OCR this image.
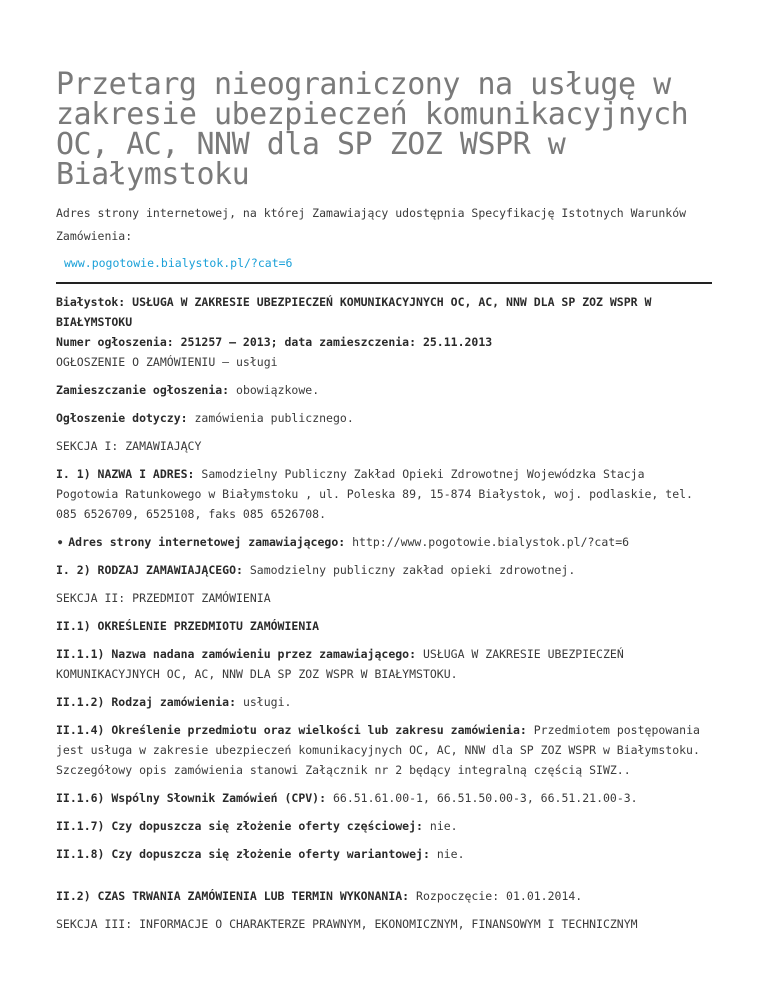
Przetarg nieograniczony na usługę w zakresie ubezpieczeń komunikacyjnych OC, AC, NNW dla SP ZOZ WSPR w Białymstoku

Adres strony internetowej, na której Zamawiający udostępnia Specyfikację Istotnych Warunków Zamówienia:

www.pogotowie.bialystok.pl/?cat=6

Białystok: USŁUGA W ZAKRESIE UBEZPIECZEŃ KOMUNIKACYJNYCH OC, AC, NNW DLA SP ZOZ WSPR W BIAŁYMSTOKU

Numer ogłoszenia: 251257 – 2013; data zamieszczenia: 25.11.2013

OGŁOSZENIE O ZAMÓWIENIU – usługi

Zamieszczanie ogłoszenia: obowiązkowe.

Ogłoszenie dotyczy: zamówienia publicznego.

SEKCJA I: ZAMAWIAJĄCY

I. 1) NAZWA I ADRES: Samodzielny Publiczny Zakład Opieki Zdrowotnej Wojewódzka Stacja Pogotowia Ratunkowego w Białymstoku , ul. Poleska 89, 15-874 Białystok, woj. podlaskie, tel. 085 6526709, 6525108, faks 085 6526708.

● Adres strony internetowej zamawiającego: http://www.pogotowie.bialystok.pl/?cat=6

I. 2) RODZAJ ZAMAWIAJĄCEGO: Samodzielny publiczny zakład opieki zdrowotnej.

SEKCJA II: PRZEDMIOT ZAMÓWIENIA

II.1) OKREŚLENIE PRZEDMIOTU ZAMÓWIENIA

II.1.1) Nazwa nadana zamówieniu przez zamawiającego: USŁUGA W ZAKRESIE UBEZPIECZEŃ KOMUNIKACYJNYCH OC, AC, NNW DLA SP ZOZ WSPR W BIAŁYMSTOKU.

II.1.2) Rodzaj zamówienia: usługi.

II.1.4) Określenie przedmiotu oraz wielkości lub zakresu zamówienia: Przedmiotem postępowania jest usługa w zakresie ubezpieczeń komunikacyjnych OC, AC, NNW dla SP ZOZ WSPR w Białymstoku. Szczegółowy opis zamówienia stanowi Załącznik nr 2 będący integralną częścią SIWZ..

II.1.6) Wspólny Słownik Zamówień (CPV): 66.51.61.00-1, 66.51.50.00-3, 66.51.21.00-3.

II.1.7) Czy dopuszcza się złożenie oferty częściowej: nie.

II.1.8) Czy dopuszcza się złożenie oferty wariantowej: nie.

II.2) CZAS TRWANIA ZAMÓWIENIA LUB TERMIN WYKONANIA: Rozpoczęcie: 01.01.2014.

SEKCJA III: INFORMACJE O CHARAKTERZE PRAWNYM, EKONOMICZNYM, FINANSOWYM I TECHNICZNYM
